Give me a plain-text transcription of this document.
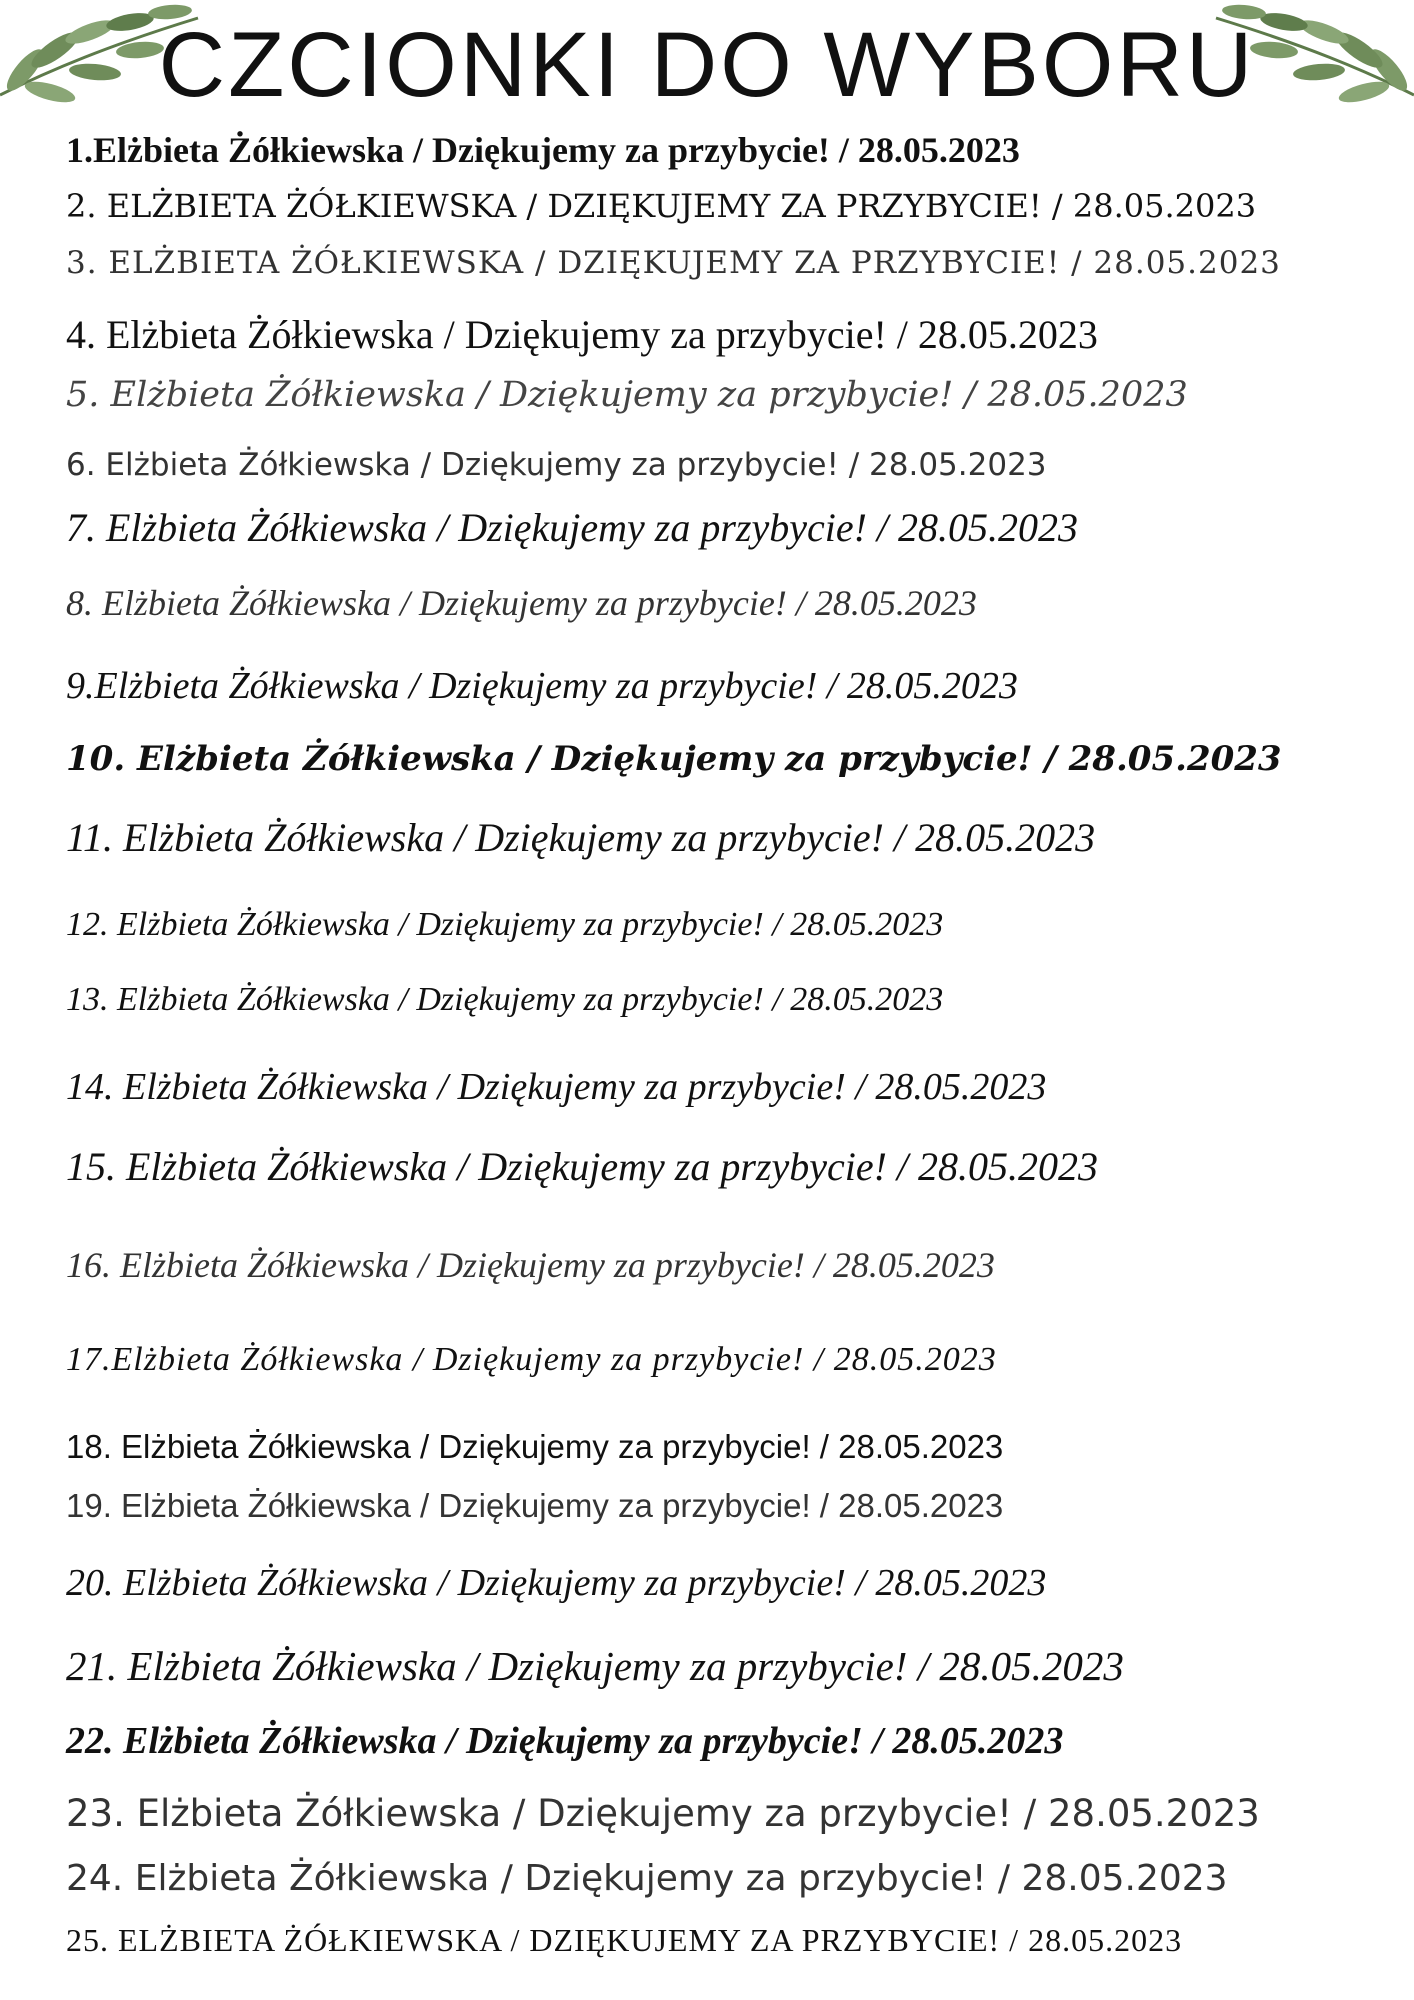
CZCIONKI DO WYBORU
1.Elżbieta Żółkiewska / Dziękujemy za przybycie! / 28.05.2023
2. ELŻBIETA ŻÓŁKIEWSKA / DZIĘKUJEMY ZA PRZYBYCIE! / 28.05.2023
3. ELŻBIETA ŻÓŁKIEWSKA / DZIĘKUJEMY ZA PRZYBYCIE! / 28.05.2023
4. Elżbieta Żółkiewska / Dziękujemy za przybycie! / 28.05.2023
5. Elżbieta Żółkiewska / Dziękujemy za przybycie! / 28.05.2023
6. Elżbieta Żółkiewska / Dziękujemy za przybycie! / 28.05.2023
7. Elżbieta Żółkiewska / Dziękujemy za przybycie! / 28.05.2023
8. Elżbieta Żółkiewska / Dziękujemy za przybycie! / 28.05.2023
9.Elżbieta Żółkiewska / Dziękujemy za przybycie! / 28.05.2023
10. Elżbieta Żółkiewska / Dziękujemy za przybycie! / 28.05.2023
11. Elżbieta Żółkiewska / Dziękujemy za przybycie! / 28.05.2023
12. Elżbieta Żółkiewska / Dziękujemy za przybycie! / 28.05.2023
13. Elżbieta Żółkiewska / Dziękujemy za przybycie! / 28.05.2023
14. Elżbieta Żółkiewska / Dziękujemy za przybycie! / 28.05.2023
15. Elżbieta Żółkiewska / Dziękujemy za przybycie! / 28.05.2023
16. Elżbieta Żółkiewska / Dziękujemy za przybycie! / 28.05.2023
17.Elżbieta Żółkiewska / Dziękujemy za przybycie! / 28.05.2023
18. Elżbieta Żółkiewska / Dziękujemy za przybycie! / 28.05.2023
19. Elżbieta Żółkiewska / Dziękujemy za przybycie! / 28.05.2023
20. Elżbieta Żółkiewska / Dziękujemy za przybycie! / 28.05.2023
21. Elżbieta Żółkiewska / Dziękujemy za przybycie! / 28.05.2023
22. Elżbieta Żółkiewska / Dziękujemy za przybycie! / 28.05.2023
23. Elżbieta Żółkiewska / Dziękujemy za przybycie! / 28.05.2023
24. Elżbieta Żółkiewska / Dziękujemy za przybycie! / 28.05.2023
25. ELŻBIETA ŻÓŁKIEWSKA / DZIĘKUJEMY ZA PRZYBYCIE! / 28.05.2023
